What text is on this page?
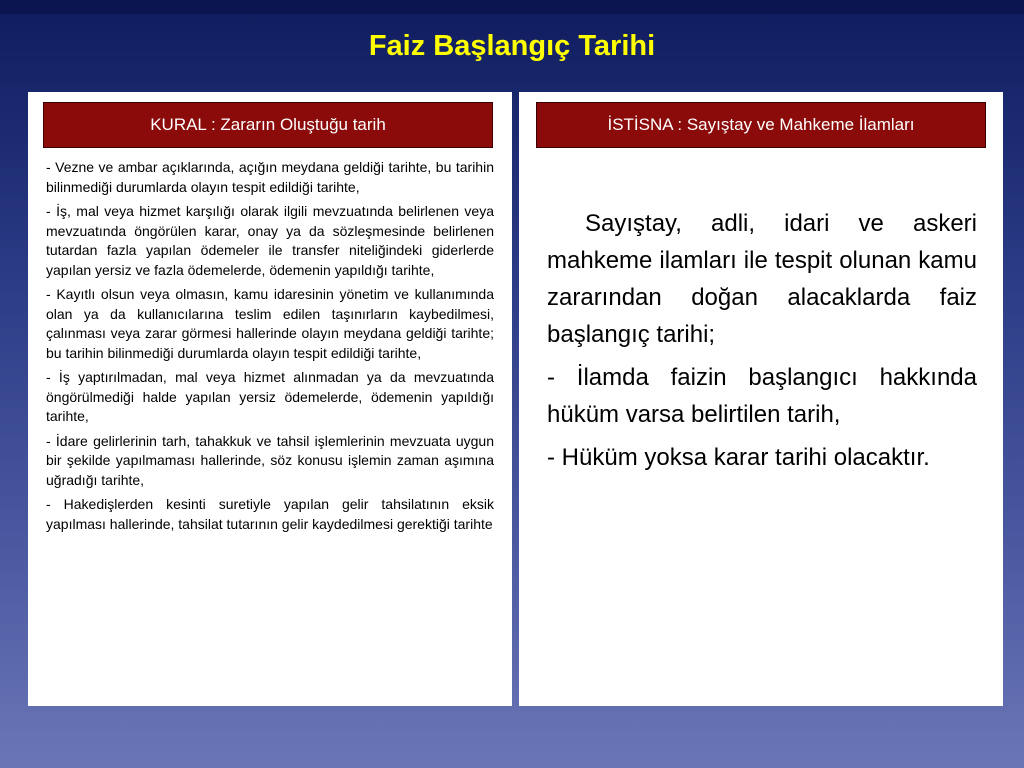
Faiz Başlangıç Tarihi
KURAL : Zararın Oluştuğu tarih
- Vezne ve ambar açıklarında, açığın meydana geldiği tarihte, bu tarihin bilinmediği durumlarda olayın tespit edildiği tarihte,
- İş, mal veya hizmet karşılığı olarak ilgili mevzuatında belirlenen veya mevzuatında öngörülen karar, onay ya da sözleşmesinde belirlenen tutardan fazla yapılan ödemeler ile transfer niteliğindeki giderlerde yapılan yersiz ve fazla ödemelerde, ödemenin yapıldığı tarihte,
- Kayıtlı olsun veya olmasın, kamu idaresinin yönetim ve kullanımında olan ya da kullanıcılarına teslim edilen taşınırların kaybedilmesi, çalınması veya zarar görmesi hallerinde olayın meydana geldiği tarihte; bu tarihin bilinmediği durumlarda olayın tespit edildiği tarihte,
- İş yaptırılmadan, mal veya hizmet alınmadan ya da mevzuatında öngörülmediği halde yapılan yersiz ödemelerde, ödemenin yapıldığı tarihte,
- İdare gelirlerinin tarh, tahakkuk ve tahsil işlemlerinin mevzuata uygun bir şekilde yapılmaması hallerinde, söz konusu işlemin zaman aşımına uğradığı tarihte,
- Hakedişlerden kesinti suretiyle yapılan gelir tahsilatının eksik yapılması hallerinde, tahsilat tutarının gelir kaydedilmesi gerektiği tarihte
İSTİSNA : Sayıştay ve Mahkeme İlamları

Sayıştay, adli, idari ve askeri mahkeme ilamları ile tespit olunan kamu zararından doğan alacaklarda faiz başlangıç tarihi;

- İlamda faizin başlangıcı hakkında hüküm varsa belirtilen tarih,

- Hüküm yoksa karar tarihi olacaktır.
